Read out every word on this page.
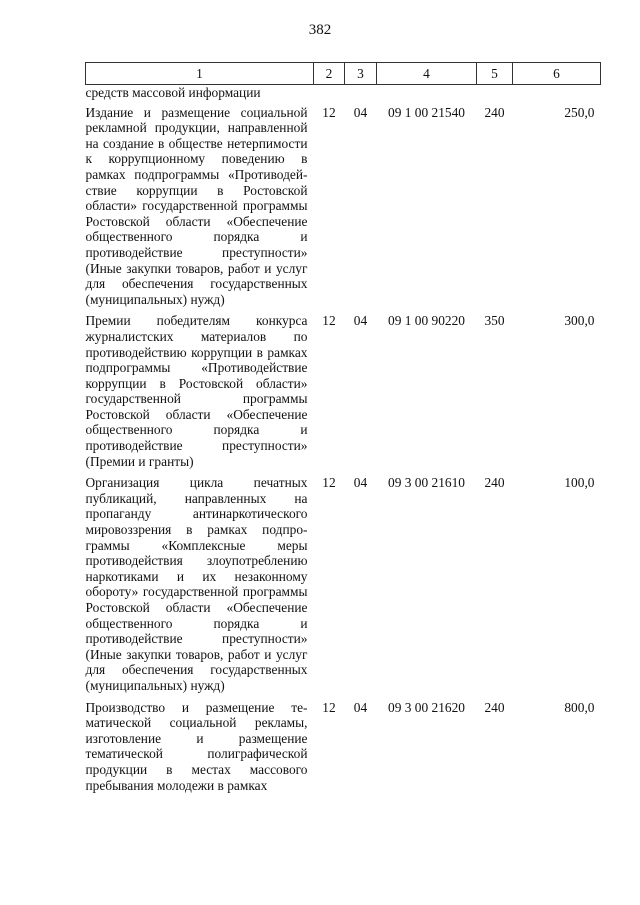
382
1	2	3	4	5	6
средств массовой информации					
Издание и размещение социальной рекламной продукции, направленной на создание в обществе нетерпимости к коррупционному поведению в рамках подпрограммы «Противодействие коррупции в Ростовской области» государственной программы Ростовской области «Обеспечение общественного порядка и противодействие преступности» (Иные закупки товаров, работ и услуг для обеспечения государственных (муниципальных) нужд)	12	04	09 1 00 21540	240	250,0
Премии победителям конкурса журналистских материалов по противодействию коррупции в рамках подпрограммы «Противодействие коррупции в Ростовской области» государственной программы Ростовской области «Обеспечение общественного порядка и противодействие преступности» (Премии и гранты)	12	04	09 1 00 90220	350	300,0
Организация цикла печатных публикаций, направленных на пропаганду антинаркотического мировоззрения в рамках подпрограммы «Комплексные меры противодействия злоупотреблению наркотиками и их незаконному обороту» государственной программы Ростовской области «Обеспечение общественного порядка и противодействие преступности» (Иные закупки товаров, работ и услуг для обеспечения государственных (муниципальных) нужд)	12	04	09 3 00 21610	240	100,0
Производство и размещение тематической социальной рекламы, изготовление и размещение тематической полиграфической продукции в местах массового пребывания молодежи в рамках	12	04	09 3 00 21620	240	800,0
